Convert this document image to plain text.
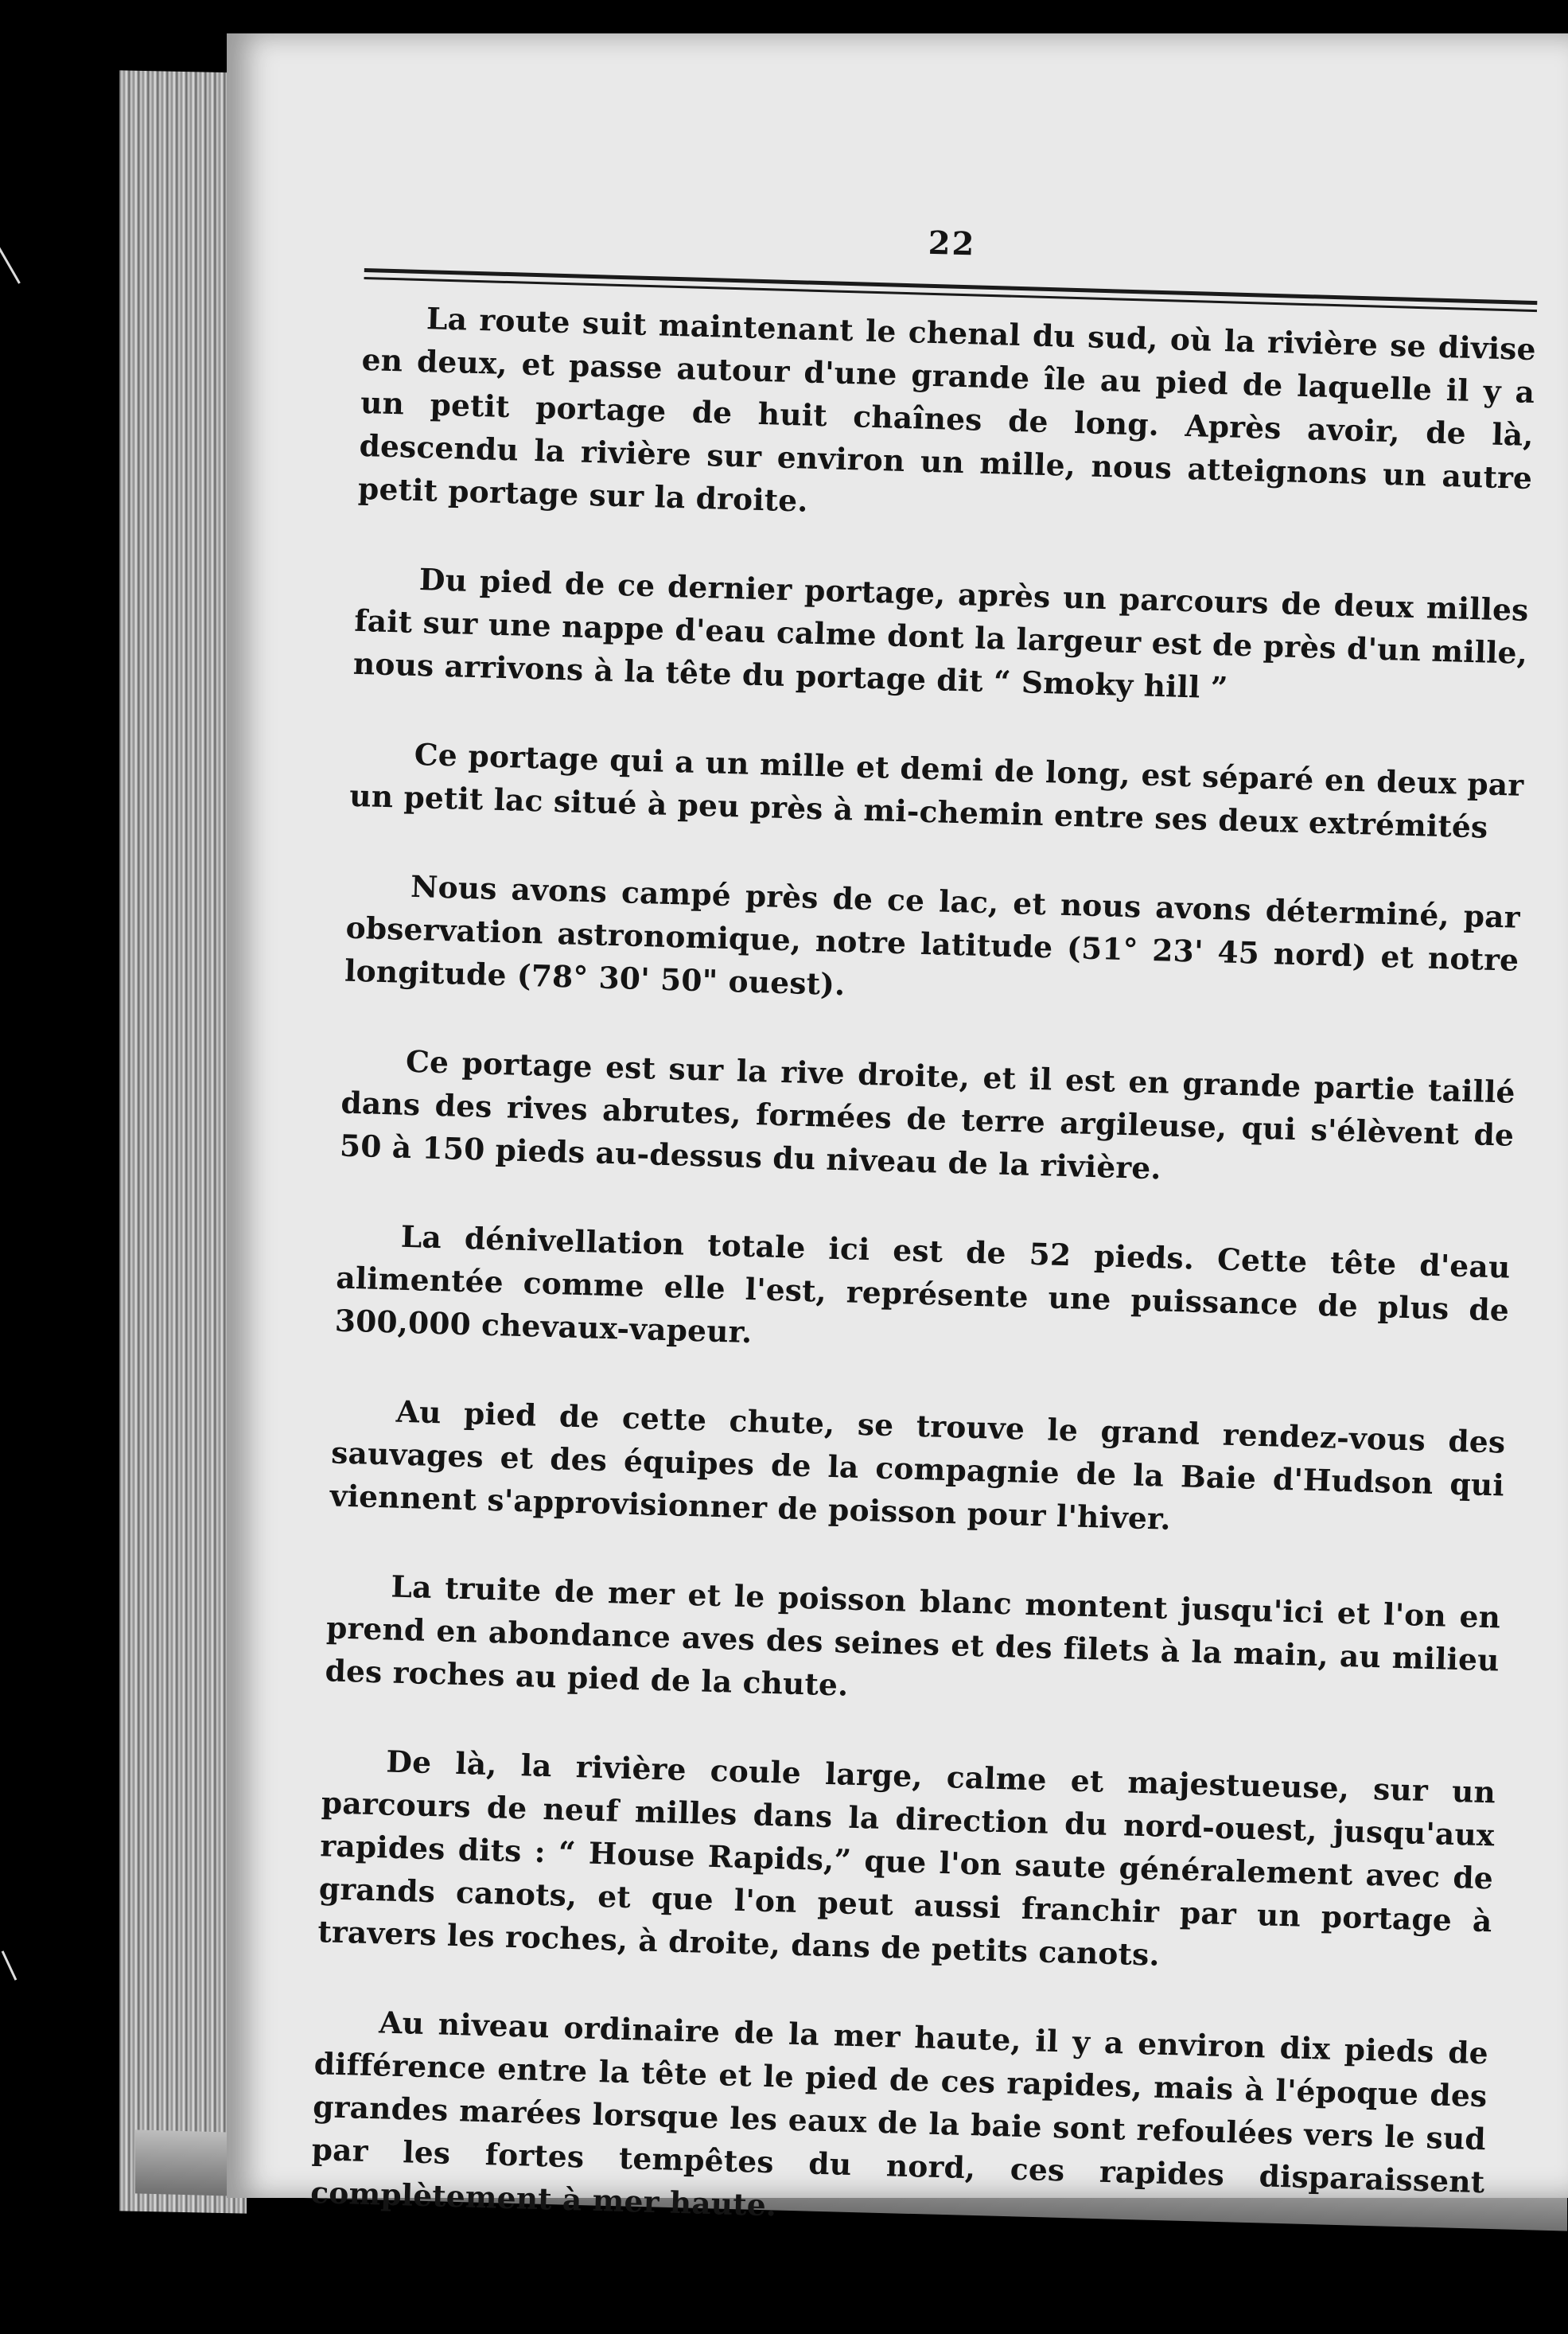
22

La route suit maintenant le chenal du sud, où la rivière se divise en deux, et passe autour d'une grande île au pied de laquelle il y a un petit portage de huit chaînes de long. Après avoir, de là, descendu la rivière sur environ un mille, nous atteignons un autre petit portage sur la droite.

Du pied de ce dernier portage, après un parcours de deux milles fait sur une nappe d'eau calme dont la largeur est de près d'un mille, nous arrivons à la tête du portage dit “ Smoky hill ”

Ce portage qui a un mille et demi de long, est séparé en deux par un petit lac situé à peu près à mi-chemin entre ses deux extrémités

Nous avons campé près de ce lac, et nous avons déterminé, par observation astronomique, notre latitude (51° 23' 45 nord) et notre longitude (78° 30' 50" ouest).

Ce portage est sur la rive droite, et il est en grande partie taillé dans des rives abrutes, formées de terre argileuse, qui s'élèvent de 50 à 150 pieds au-dessus du niveau de la rivière.

La dénivellation totale ici est de 52 pieds. Cette tête d'eau alimentée comme elle l'est, représente une puissance de plus de 300,000 chevaux-vapeur.

Au pied de cette chute, se trouve le grand rendez-vous des sauvages et des équipes de la compagnie de la Baie d'Hudson qui viennent s'approvisionner de poisson pour l'hiver.

La truite de mer et le poisson blanc montent jusqu'ici et l'on en prend en abondance aves des seines et des filets à la main, au milieu des roches au pied de la chute.

De là, la rivière coule large, calme et majestueuse, sur un parcours de neuf milles dans la direction du nord-ouest, jusqu'aux rapides dits : “ House Rapids,” que l'on saute généralement avec de grands canots, et que l'on peut aussi franchir par un portage à travers les roches, à droite, dans de petits canots.

Au niveau ordinaire de la mer haute, il y a environ dix pieds de différence entre la tête et le pied de ces rapides, mais à l'époque des grandes marées lorsque les eaux de la baie sont refoulées vers le sud par les fortes tempêtes du nord, ces rapides disparaissent complètement à mer haute.
